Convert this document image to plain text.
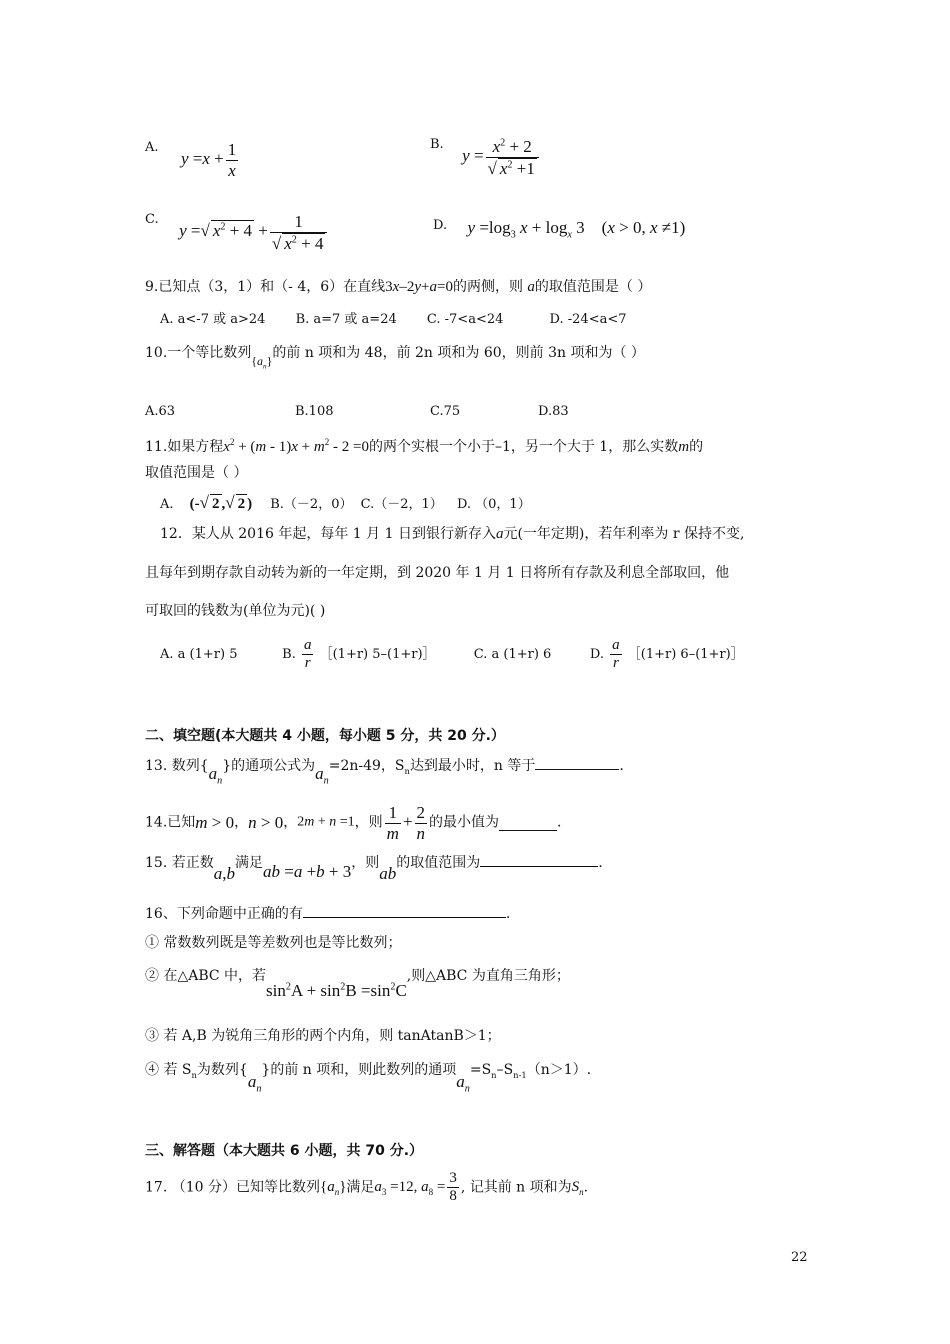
A. $y =x + \frac{1}{x}$	B. $y = \frac{x^2 + 2}{√ x^2 +1}$
C. y =√ $x^2 + 4 + \frac{1}{√ x^2 + 4}$	D. $y =\log_3$ $x + \log_x 3$ (x > 0, x ≠1)
9.已知点（3，1）和（- 4，6）在直线3x–2y+a=0的两侧，则 a的取值范围是（ ）
A. a<-7 或 a>24 B. a=7 或 a=24 C. -7<a<24	D. -24<a<7
10.一个等比数列$\{a_n\}$的前 n 项和为 48，前 2n 项和为 60，则前 3n 项和为（ ）
A.63	B.108	C.75	D.83
11.如果方程$x^2 + (m - 1)x + m^2 - 2 =0$的两个实根一个小于–1，另一个大于 1，那么实数m的
取值范围是（ ）
A. (-√ 2 ,√ 2 ) B.（－2，0） C.（－2，1） D. （0，1）
12．某人从 2016 年起，每年 1 月 1 日到银行新存入a元(一年定期)，若年利率为 r 保持不变,
且每年到期存款自动转为新的一年定期，到 2020 年 1 月 1 日将所有存款及利息全部取回，他
可取回的钱数为(单位为元)( )
A. a (1+r) 5	B. $\frac{a}{r}$ ［(1+r) 5–(1+r)］	C. a (1+r) 6	D. $\frac{a}{r}$ ［(1+r) 6–(1+r)］
二、填空题(本大题共 4 小题，每小题 5 分，共 20 分.）
13. 数列$\{a_n\}$的通项公式为$a_n=2n-49$，$S_n$达到最小时，n 等于	.
14.已知m > 0，n > 0，2m + n =1，则 $\frac{1}{m} + \frac{2}{n}$ 的最小值为	.
15. 若正数a,b满足ab =a +b + 3，则ab的取值范围为	.
16、下列命题中正确的有	.
① 常数数列既是等差数列也是等比数列；
② 在△ABC 中，若$\sin^2A + \sin^2B =\sin^2C$,则△ABC 为直角三角形；
③ 若 A,B 为锐角三角形的两个内角，则 tanAtanB＞1；
④ 若 $S_n$为数列$\{a_n\}$的前 n 项和，则此数列的通项$a_n=S_n-S_{n-1}(n>1)$.
三、解答题（本大题共 6 小题，共 70 分.）
17. （10 分）已知等比数列$\{a_n\}$满足$a_3 =12$, $a_8 = \frac{3}{8}$ , 记其前 n 项和为$S_n$.
22
